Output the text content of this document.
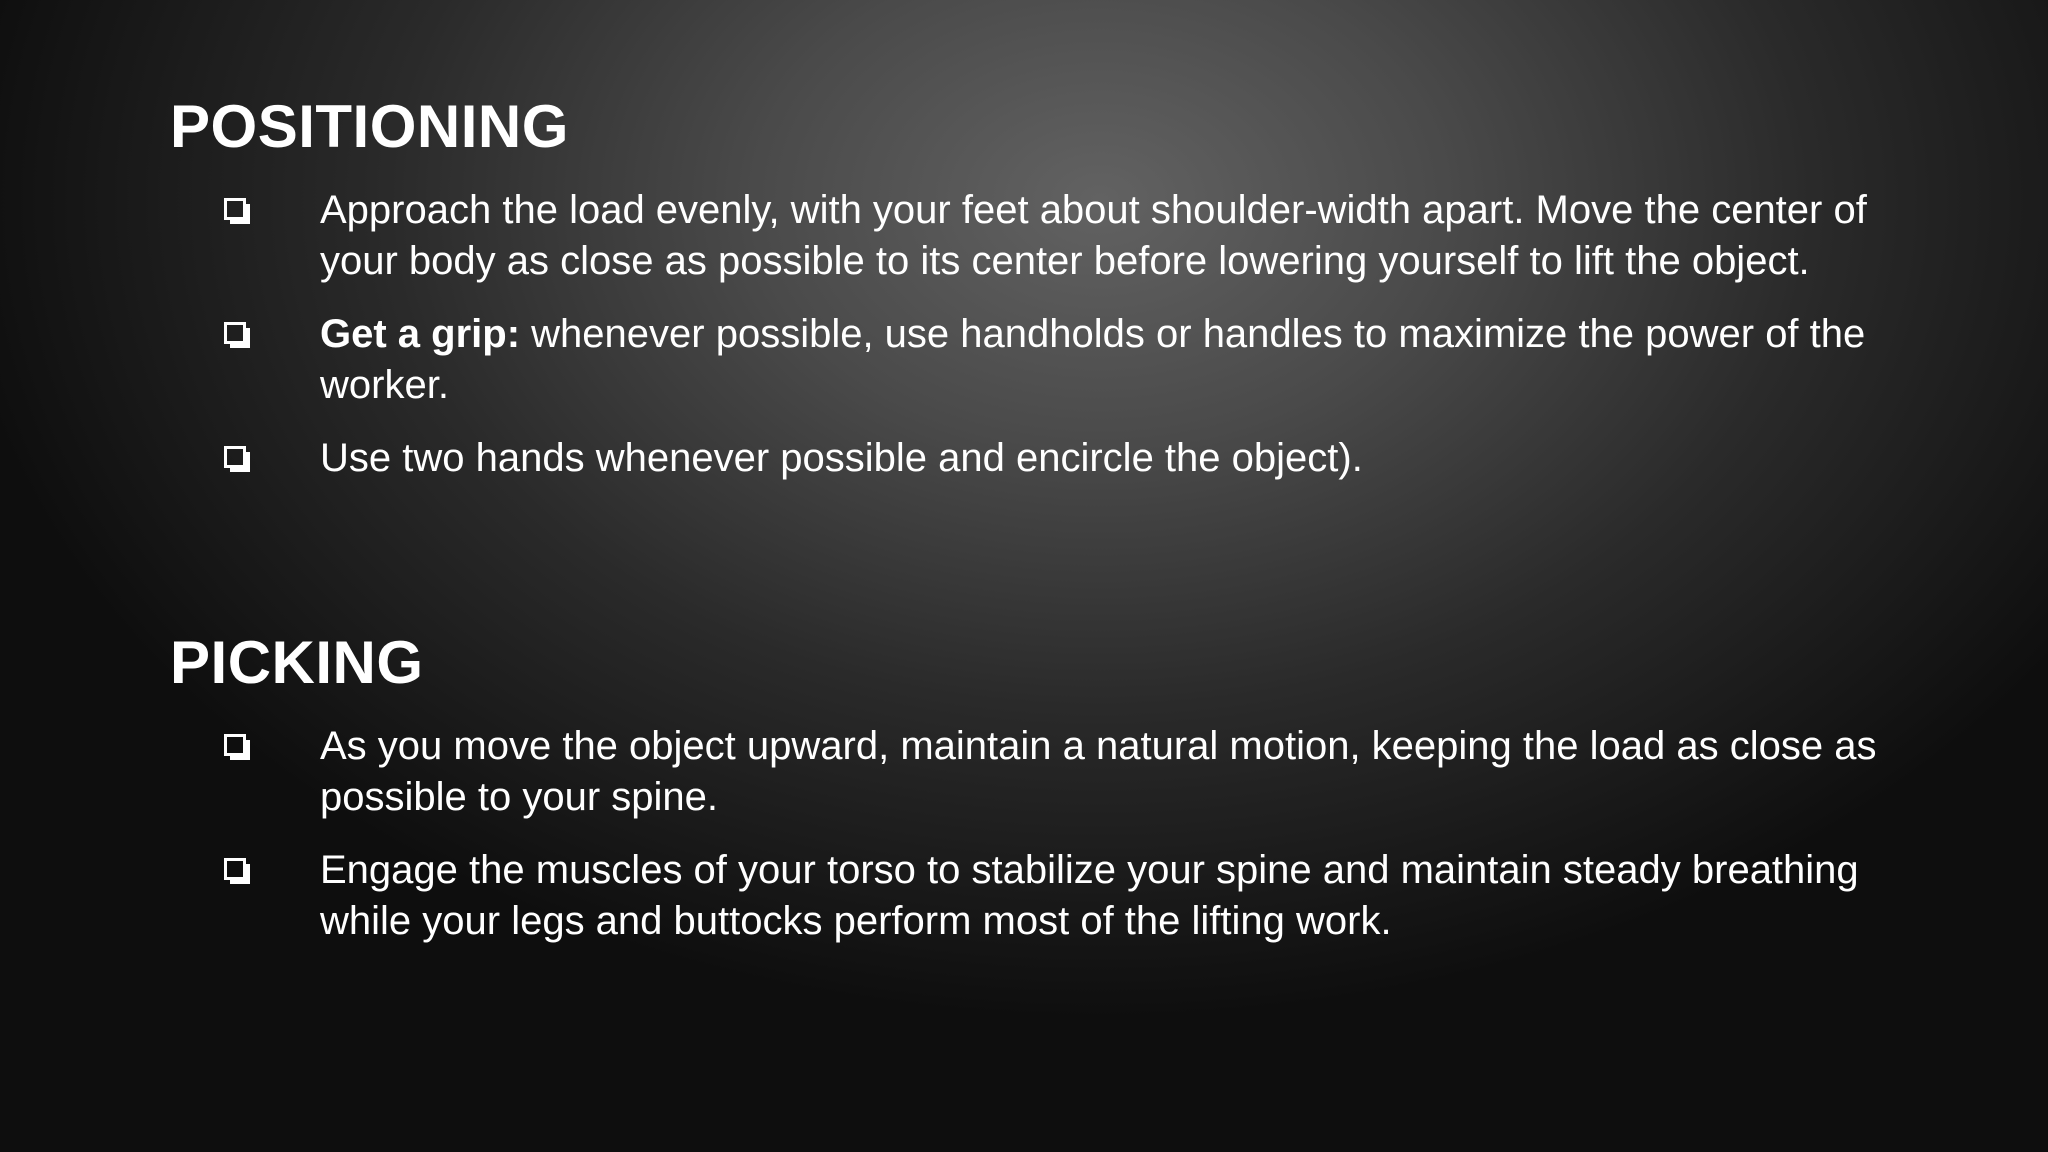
POSITIONING
Approach the load evenly, with your feet about shoulder-width apart. Move the center of your body as close as possible to its center before lowering yourself to lift the object.
Get a grip: whenever possible, use handholds or handles to maximize the power of the worker.
Use two hands whenever possible and encircle the object).
PICKING
As you move the object upward, maintain a natural motion, keeping the load as close as possible to your spine.
Engage the muscles of your torso to stabilize your spine and maintain steady breathing while your legs and buttocks perform most of the lifting work.
